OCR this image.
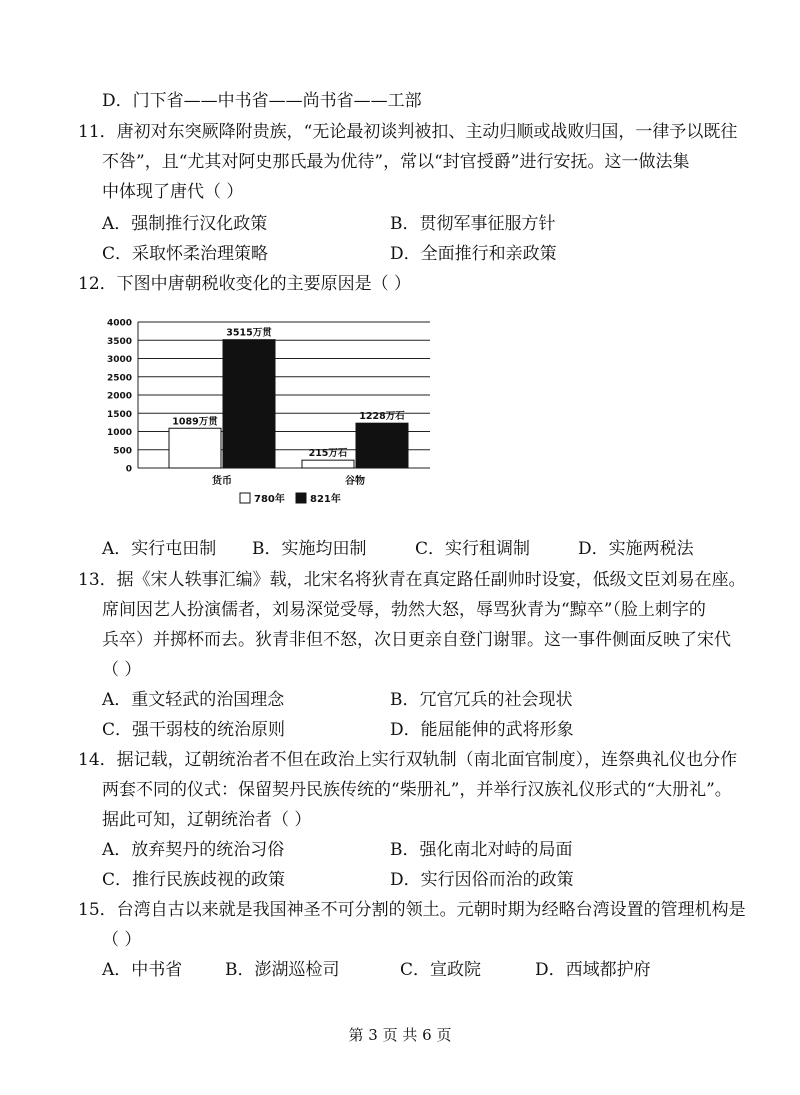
D．门下省——中书省——尚书省——工部
11．唐初对东突厥降附贵族，“无论最初谈判被扣、主动归顺或战败归国，一律予以既往
不咎”，且“尤其对阿史那氏最为优待”，常以“封官授爵”进行安抚。这一做法集
中体现了唐代（ ）
A．强制推行汉化政策	B．贯彻军事征服方针
C．采取怀柔治理策略	D．全面推行和亲政策
12．下图中唐朝税收变化的主要原因是（ ）
0
500
1000
1500
2000
2500
3000
3500
4000
1089万贯
3515万贯
货币
215万石
1228万石
谷物
780年	821年
A．实行屯田制 B．实施均田制	C．实行租调制	D．实施两税法
13．据《宋人轶事汇编》载，北宋名将狄青在真定路任副帅时设宴，低级文臣刘易在座。
席间因艺人扮演儒者，刘易深觉受辱，勃然大怒，辱骂狄青为“黥卒”（脸上刺字的
兵卒）并掷杯而去。狄青非但不怒，次日更亲自登门谢罪。这一事件侧面反映了宋代
（ ）
A．重文轻武的治国理念	B．冗官冗兵的社会现状
C．强干弱枝的统治原则	D．能屈能伸的武将形象
14．据记载，辽朝统治者不但在政治上实行双轨制（南北面官制度），连祭典礼仪也分作
两套不同的仪式：保留契丹民族传统的“柴册礼”，并举行汉族礼仪形式的“大册礼”。
据此可知，辽朝统治者（ ）
A．放弃契丹的统治习俗	B．强化南北对峙的局面
C．推行民族歧视的政策	D．实行因俗而治的政策
15．台湾自古以来就是我国神圣不可分割的领土。元朝时期为经略台湾设置的管理机构是
（ ）
A．中书省	B．澎湖巡检司	C．宣政院	D．西域都护府
第 3 页 共 6 页
